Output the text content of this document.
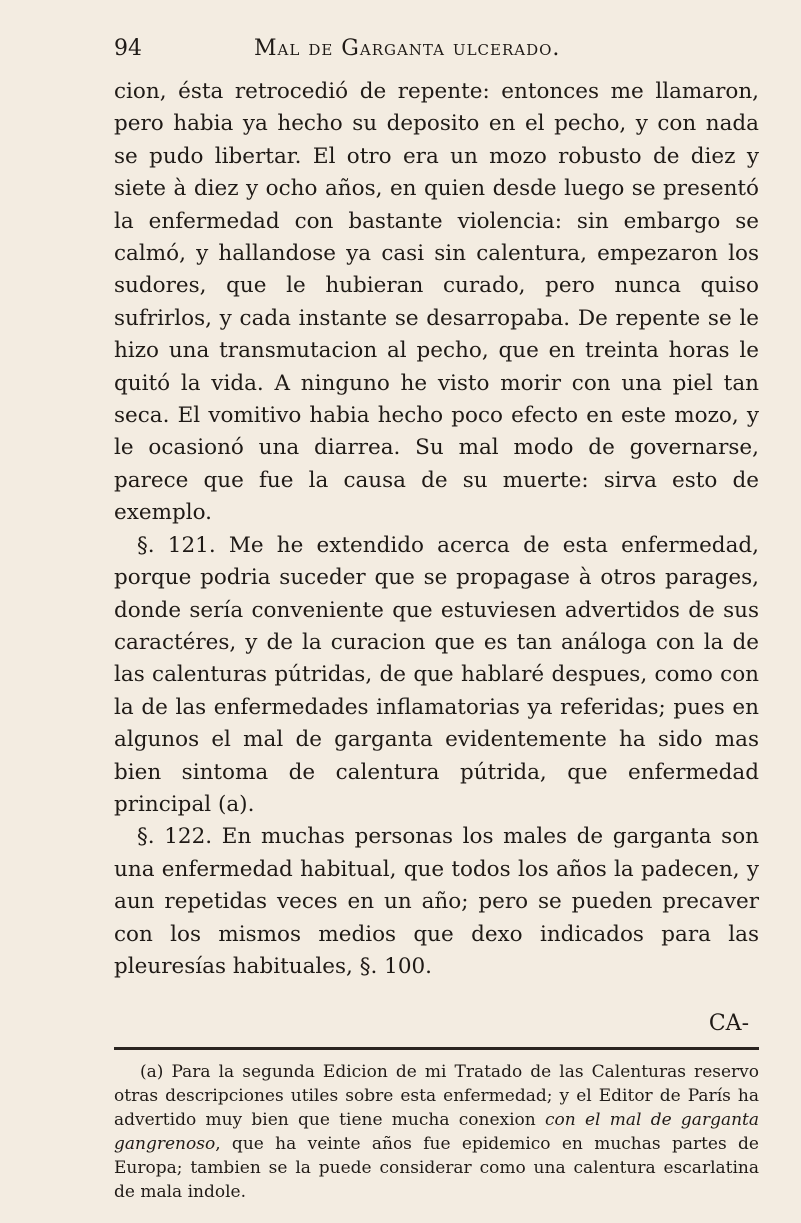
94	Mal de Garganta ulcerado.

cion, ésta retrocedió de repente: entonces me llamaron, pero habia ya hecho su deposito en el pecho, y con nada se pudo libertar. El otro era un mozo robusto de diez y siete à diez y ocho años, en quien desde luego se presentó la enfermedad con bastante violencia: sin embargo se calmó, y hallandose ya casi sin calentura, empezaron los sudores, que le hubieran curado, pero nunca quiso sufrirlos, y cada instante se desarropaba. De repente se le hizo una transmutacion al pecho, que en treinta horas le quitó la vida. A ninguno he visto morir con una piel tan seca. El vomitivo habia hecho poco efecto en este mozo, y le ocasionó una diarrea. Su mal modo de governarse, parece que fue la causa de su muerte: sirva esto de exemplo.

§. 121. Me he extendido acerca de esta enfermedad, porque podria suceder que se propagase à otros parages, donde sería conveniente que estuviesen advertidos de sus caractéres, y de la curacion que es tan análoga con la de las calenturas pútridas, de que hablaré despues, como con la de las enfermedades inflamatorias ya referidas; pues en algunos el mal de garganta evidentemente ha sido mas bien sintoma de calentura pútrida, que enfermedad principal (a).

§. 122. En muchas personas los males de garganta son una enfermedad habitual, que todos los años la padecen, y aun repetidas veces en un año; pero se pueden precaver con los mismos medios que dexo indicados para las pleuresías habituales, §. 100.

CA-

(a) Para la segunda Edicion de mi Tratado de las Calenturas reservo otras descripciones utiles sobre esta enfermedad; y el Editor de París ha advertido muy bien que tiene mucha conexion con el mal de garganta gangrenoso, que ha veinte años fue epidemico en muchas partes de Europa; tambien se la puede considerar como una calentura escarlatina de mala indole.
